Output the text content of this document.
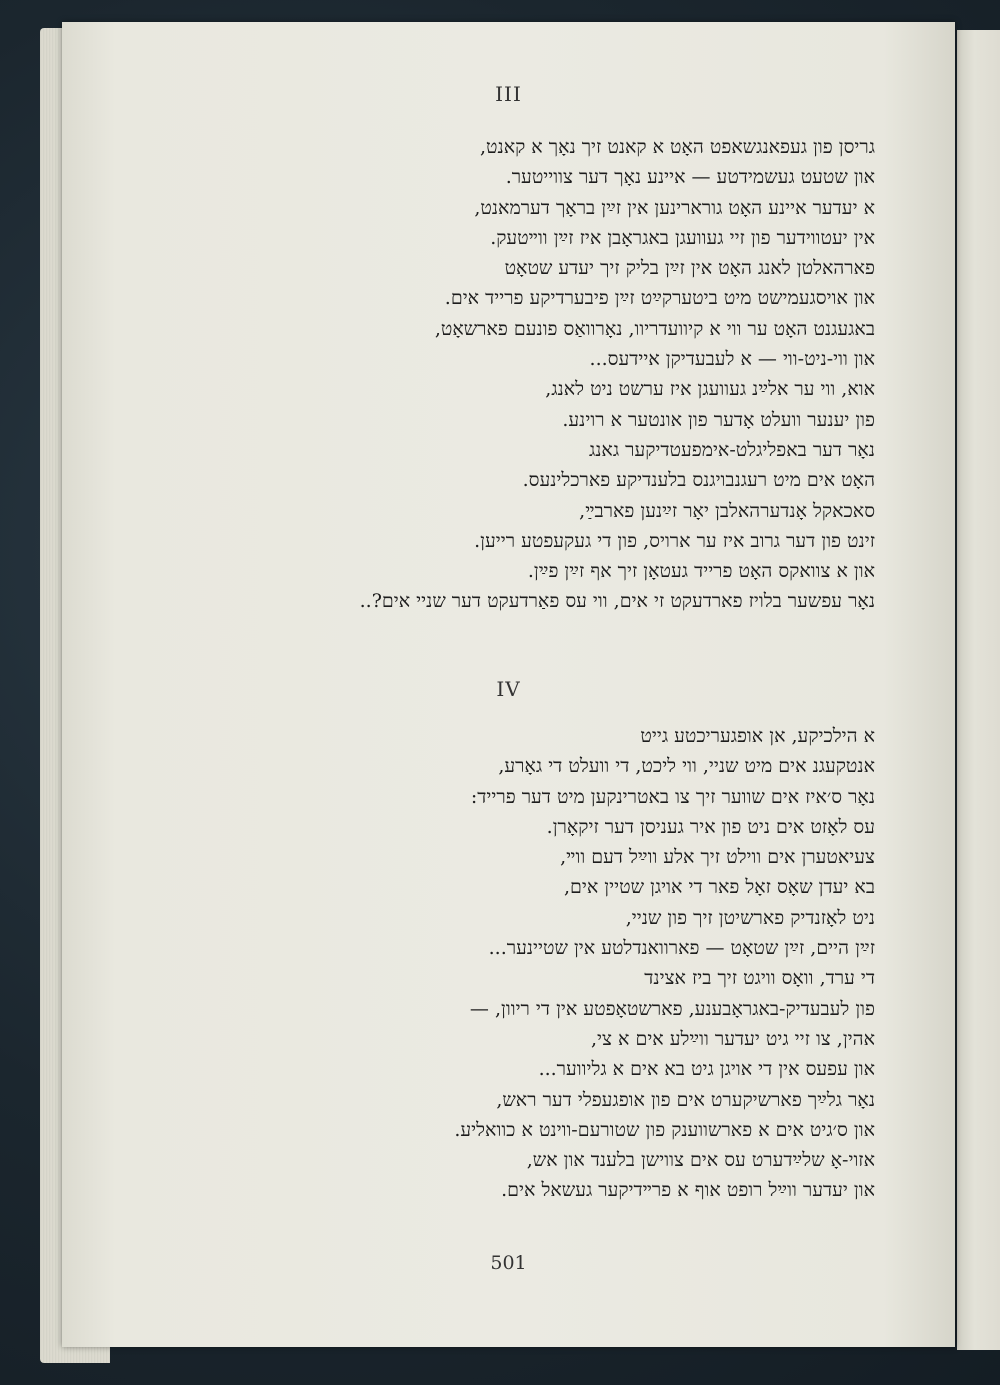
III
גריסן פון געפאנגשאפט האָט א קאנט זיך נאָך א קאנט,
און שטעט געשמידטע — איינע נאָך דער צווייטער.
א יעדער איינע האָט גורארינען אין זײַן בראָך דערמאנט,
אין יעטווידער פון זיי געוועגן באגראָבן איז זײַן ווײטעק.
פארהאלטן לאנג האָט אין זײַן בליק זיך יעדע שטאָט
און אויסגעמישט מיט ביטערקײַט זײַן פיבערדיקע פרייד אים.
באגעגנט האָט ער ווי א קיוועדריוו, נאָרוואַס פונעם פארשאָט,
און ווי-ניט-ווי — א לעבעדיקן איידעס...
אוא, ווי ער אלײַנ געוועגן איז ערשט ניט לאנג,
פון יענער וועלט אָדער פון אונטער א רוינע.
נאָר דער באפליגלט-אימפעטדיקער גאנג
האָט אים מיט רעגנבויגנס בלענדיקע פארכלינעס.
סאכאקל אָנדערהאלבן יאָר זײַנען פארבײַ,
זינט פון דער גרוב איז ער ארויס, פון די געקעפטע רייען.
און א צוואקס האָט פרייד געטאָן זיך אף זײַן פײַן.
נאָר עפשער בלויז פארדעקט זי אים, ווי עס פאַרדעקט דער שניי אים?..
IV
א הילכיקע, אן אופגעריכטע גייט
אנטקעגנ אים מיט שניי, ווי ליכט, די וועלט די גאָרע,
נאָר ס׳איז אים שווער זיך צו באטרינקען מיט דער פרייד:
עס לאָזט אים ניט פון איר געניסן דער זיקאָרן.
צעיאטערן אים ווילט זיך אלע ווײַל דעם ווײ,
בא יעדן שאָס זאָל פאר די אויגן שטיין אים,
ניט לאָזנדיק פארשיטן זיך פון שניי,
זײַן היים, זײַן שטאָט — פארוואנדלטע אין שטיינער...
די ערד, וואָס וויגט זיך ביז אצינד
פון לעבעדיק-באגראָבענע, פארשטאָפטע אין די ריוון, —
אהין, צו זיי גיט יעדער ווײַלע אים א צי,
און עפעס אין די אויגן גיט בא אים א גליווער...
נאָר גלײַך פארשיקערט אים פון אופגעפלי דער ראש,
און ס׳גיט אים א פארשווענק פון שטורעם-ווינט א כוואליע.
אזוי-אָ שלײַדערט עס אים צווישן בלענד און אש,
און יעדער ווײַל רופט אוף א פרײדיקער געשאל אים.
501
